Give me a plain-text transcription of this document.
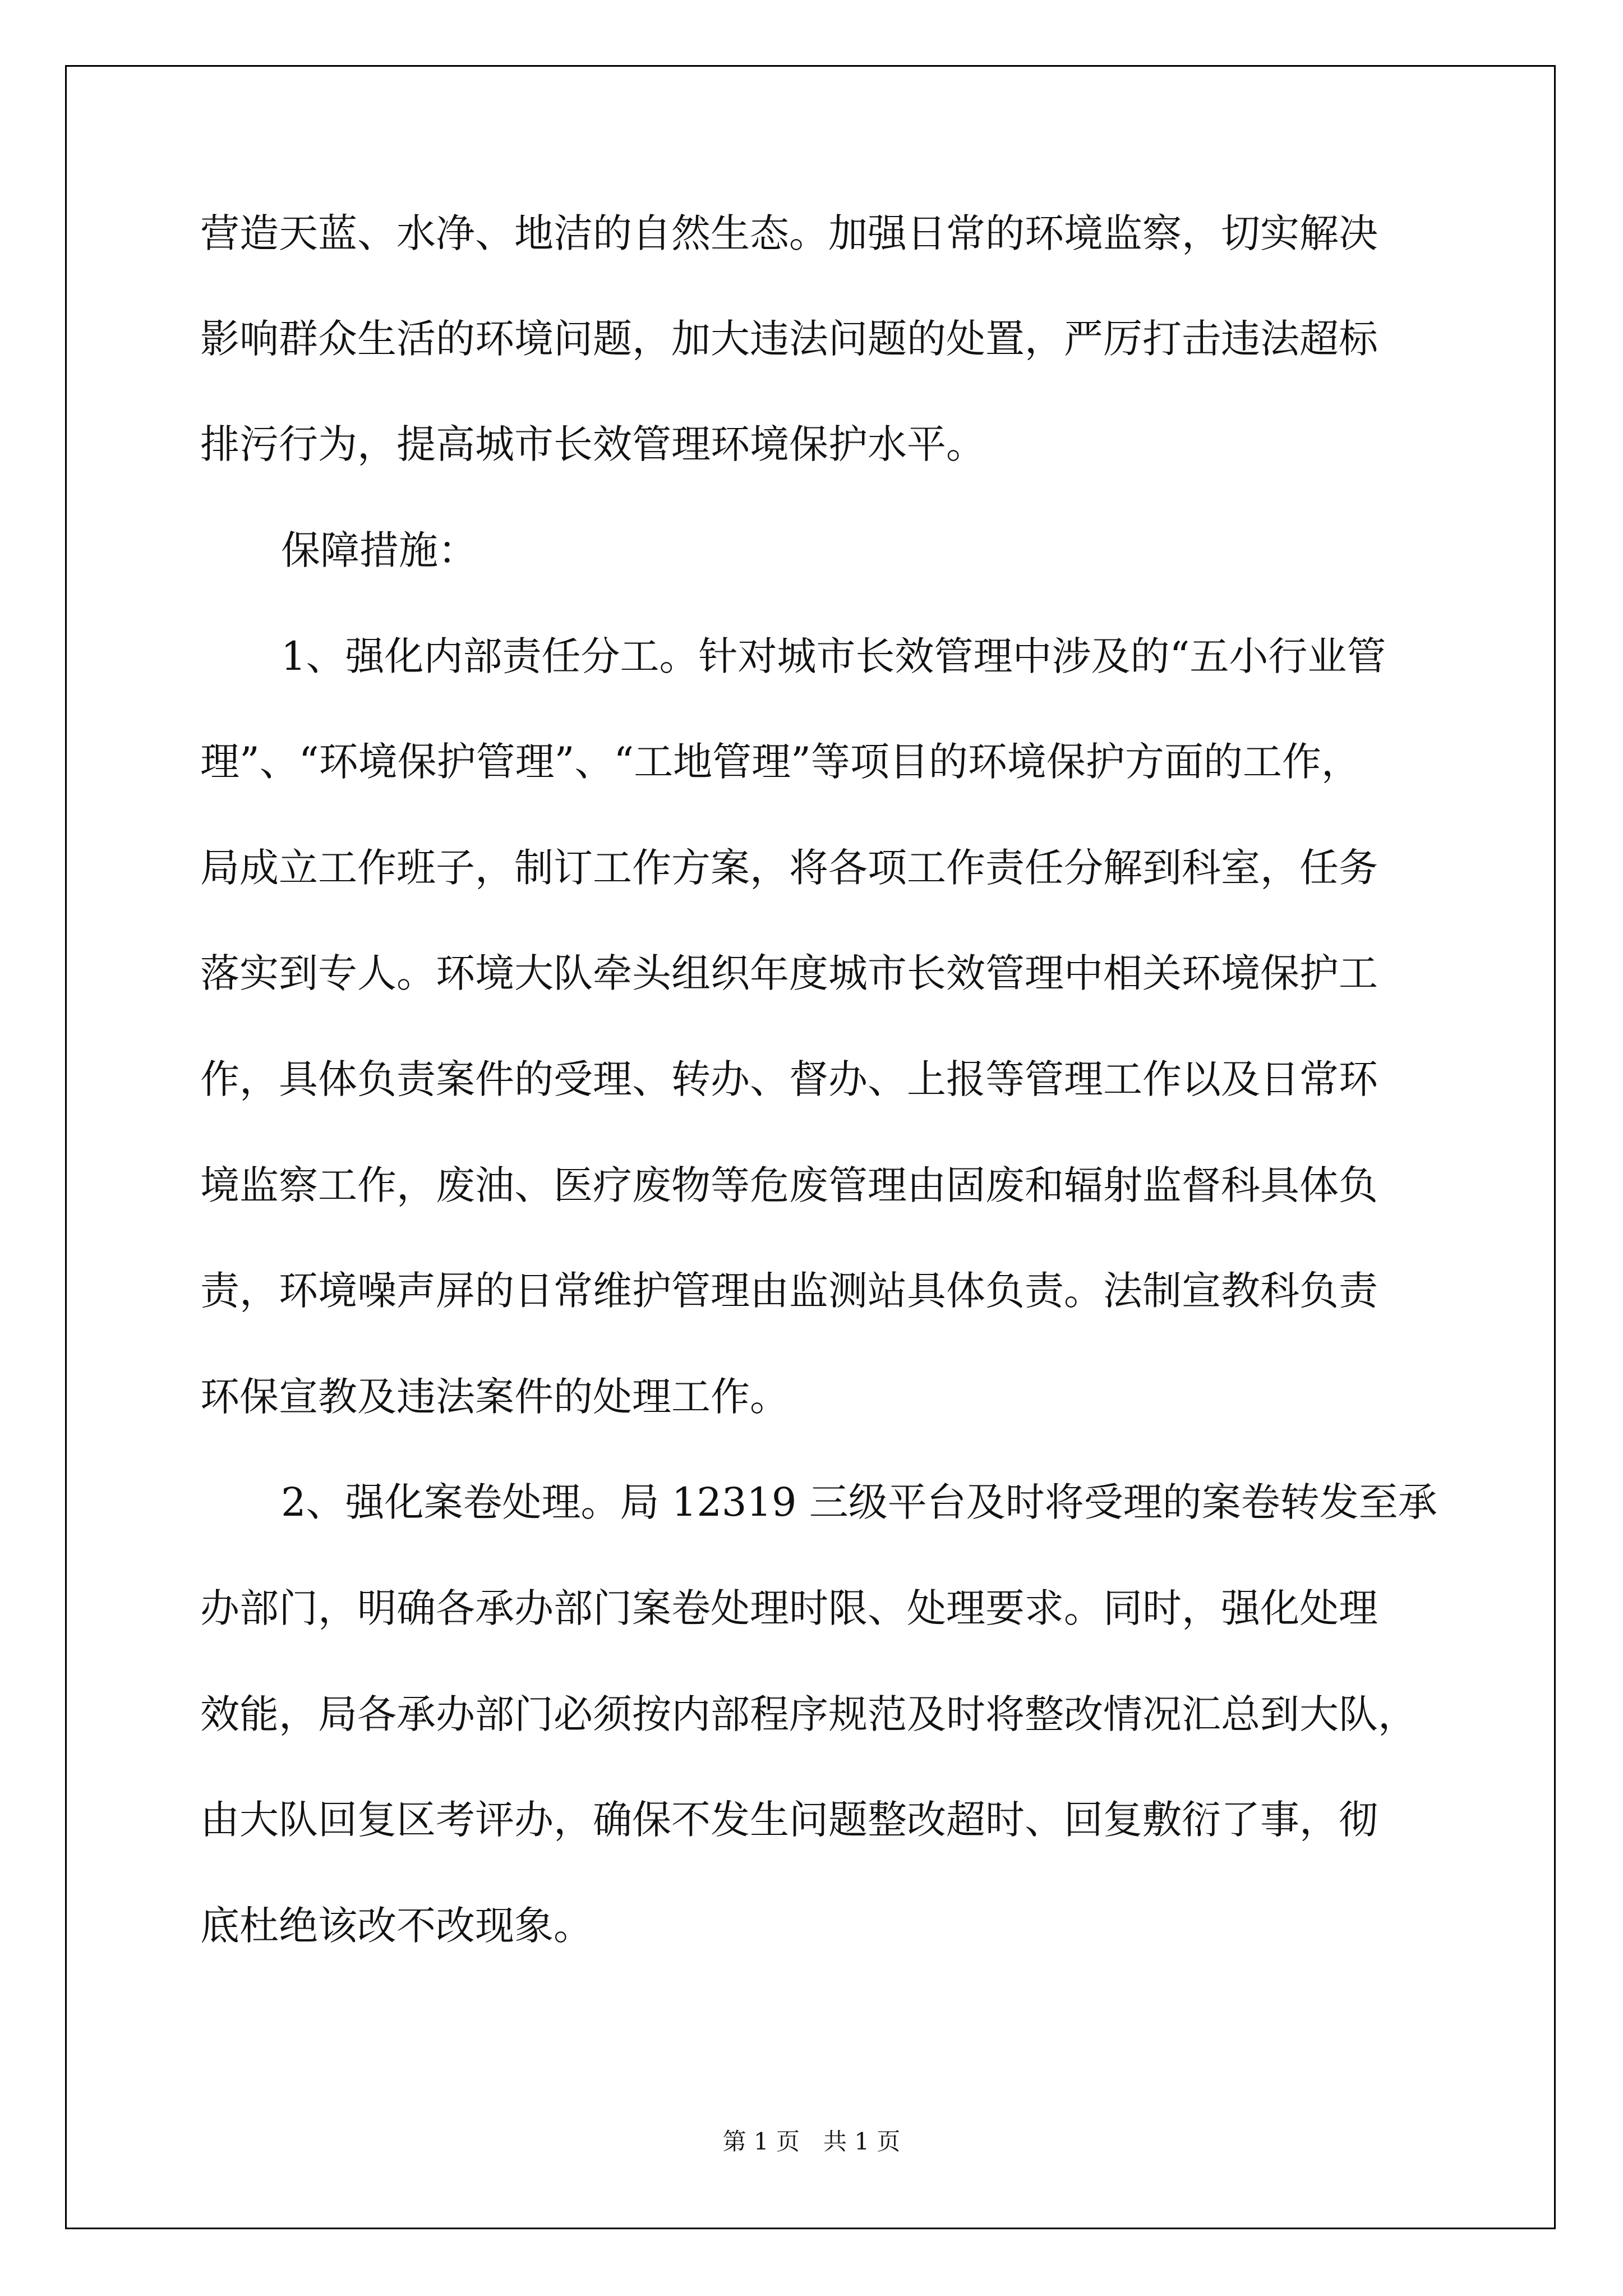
营造天蓝、水净、地洁的自然生态。加强日常的环境监察，切实解决
影响群众生活的环境问题，加大违法问题的处置，严厉打击违法超标
排污行为，提高城市长效管理环境保护水平。
保障措施：
1、强化内部责任分工。针对城市长效管理中涉及的“五小行业管
理”、“环境保护管理”、“工地管理”等项目的环境保护方面的工作，
局成立工作班子，制订工作方案，将各项工作责任分解到科室，任务
落实到专人。环境大队牵头组织年度城市长效管理中相关环境保护工
作，具体负责案件的受理、转办、督办、上报等管理工作以及日常环
境监察工作，废油、医疗废物等危废管理由固废和辐射监督科具体负
责，环境噪声屏的日常维护管理由监测站具体负责。法制宣教科负责
环保宣教及违法案件的处理工作。
2、强化案卷处理。局 12319 三级平台及时将受理的案卷转发至承
办部门，明确各承办部门案卷处理时限、处理要求。同时，强化处理
效能，局各承办部门必须按内部程序规范及时将整改情况汇总到大队，
由大队回复区考评办，确保不发生问题整改超时、回复敷衍了事，彻
底杜绝该改不改现象。
第 1 页　共 1 页
